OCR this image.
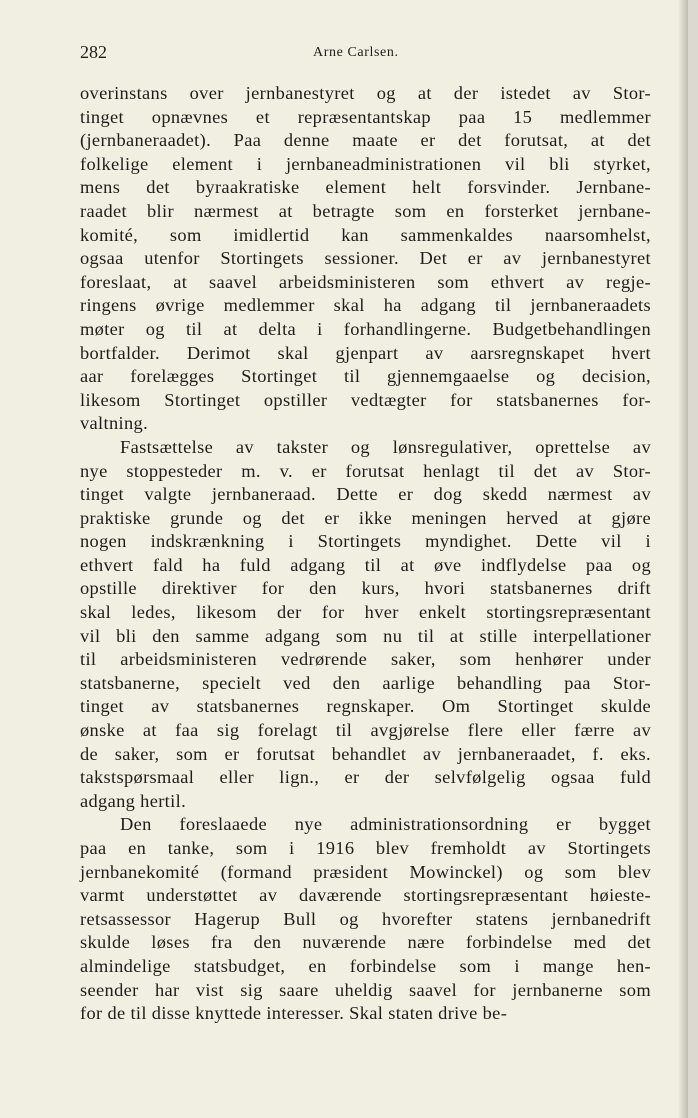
282	Arne Carlsen.
overinstans over jernbanestyret og at der istedet av Stor-
tinget opnævnes et repræsentantskap paa 15 medlemmer
(jernbaneraadet). Paa denne maate er det forutsat, at det
folkelige element i jernbaneadministrationen vil bli styrket,
mens det byraakratiske element helt forsvinder. Jernbane-
raadet blir nærmest at betragte som en forsterket jernbane-
komité, som imidlertid kan sammenkaldes naarsomhelst,
ogsaa utenfor Stortingets sessioner. Det er av jernbanestyret
foreslaat, at saavel arbeidsministeren som ethvert av regje-
ringens øvrige medlemmer skal ha adgang til jernbaneraadets
møter og til at delta i forhandlingerne. Budgetbehandlingen
bortfalder. Derimot skal gjenpart av aarsregnskapet hvert
aar forelægges Stortinget til gjennemgaaelse og decision,
likesom Stortinget opstiller vedtægter for statsbanernes for-
valtning.
Fastsættelse av takster og lønsregulativer, oprettelse av
nye stoppesteder m. v. er forutsat henlagt til det av Stor-
tinget valgte jernbaneraad. Dette er dog skedd nærmest av
praktiske grunde og det er ikke meningen herved at gjøre
nogen indskrænkning i Stortingets myndighet. Dette vil i
ethvert fald ha fuld adgang til at øve indflydelse paa og
opstille direktiver for den kurs, hvori statsbanernes drift
skal ledes, likesom der for hver enkelt stortingsrepræsentant
vil bli den samme adgang som nu til at stille interpellationer
til arbeidsministeren vedrørende saker, som henhører under
statsbanerne, specielt ved den aarlige behandling paa Stor-
tinget av statsbanernes regnskaper. Om Stortinget skulde
ønske at faa sig forelagt til avgjørelse flere eller færre av
de saker, som er forutsat behandlet av jernbaneraadet, f. eks.
takstspørsmaal eller lign., er der selvfølgelig ogsaa fuld
adgang hertil.
Den foreslaaede nye administrationsordning er bygget
paa en tanke, som i 1916 blev fremholdt av Stortingets
jernbanekomité (formand præsident Mowinckel) og som blev
varmt understøttet av daværende stortingsrepræsentant høieste-
retsassessor Hagerup Bull og hvorefter statens jernbanedrift
skulde løses fra den nuværende nære forbindelse med det
almindelige statsbudget, en forbindelse som i mange hen-
seender har vist sig saare uheldig saavel for jernbanerne som
for de til disse knyttede interesser. Skal staten drive be-
